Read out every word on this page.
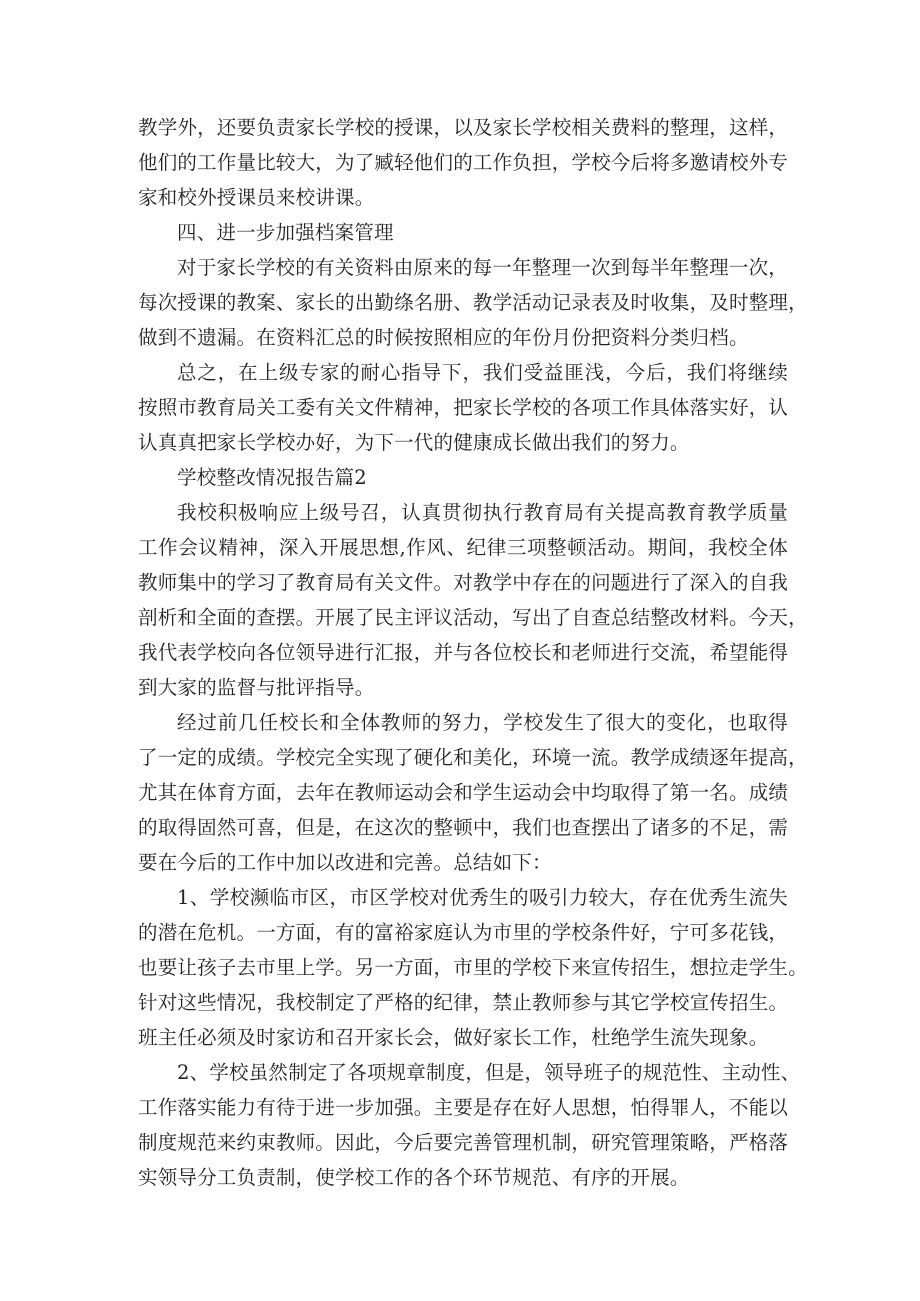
教学外，还要负责家长学校的授课，以及家长学校相关费料的整理，这样，
他们的工作量比较大，为了臧轻他们的工作负担，学校今后将多邀请校外专
家和校外授课员来校讲课。
四、进一步加强档案管理
对于家长学校的有关资料由原来的每一年整理一次到每半年整理一次，
每次授课的教案、家长的出勤绦名册、教学活动记录表及时收集，及时整理，
做到不遗漏。在资料汇总的时候按照相应的年份月份把资料分类归档。
总之，在上级专家的耐心指导下，我们受益匪浅，今后，我们将继续
按照市教育局关工委有关文件精神，把家长学校的各项工作具体落实好，认
认真真把家长学校办好，为下一代的健康成长做出我们的努力。
学校整改情况报告篇2
我校积极响应上级号召，认真贯彻执行教育局有关提高教育教学质量
工作会议精神，深入开展思想,作风、纪律三项整顿活动。期间，我校全体
教师集中的学习了教育局有关文件。对教学中存在的问题进行了深入的自我
剖析和全面的查摆。开展了民主评议活动，写出了自查总结整改材料。今天，
我代表学校向各位领导进行汇报，并与各位校长和老师进行交流，希望能得
到大家的监督与批评指导。
经过前几任校长和全体教师的努力，学校发生了很大的变化，也取得
了一定的成绩。学校完全实现了硬化和美化，环境一流。教学成绩逐年提高，
尤其在体育方面，去年在教师运动会和学生运动会中均取得了第一名。成绩
的取得固然可喜，但是，在这次的整顿中，我们也查摆出了诸多的不足，需
要在今后的工作中加以改进和完善。总结如下：
1、学校濒临市区，市区学校对优秀生的吸引力较大，存在优秀生流失
的潜在危机。一方面，有的富裕家庭认为市里的学校条件好，宁可多花钱，
也要让孩子去市里上学。另一方面，市里的学校下来宣传招生，想拉走学生。
针对这些情况，我校制定了严格的纪律，禁止教师参与其它学校宣传招生。
班主任必须及时家访和召开家长会，做好家长工作，杜绝学生流失现象。
2、学校虽然制定了各项规章制度，但是，领导班子的规范性、主动性、
工作落实能力有待于进一步加强。主要是存在好人思想，怕得罪人，不能以
制度规范来约束教师。因此，今后要完善管理机制，研究管理策略，严格落
实领导分工负责制，使学校工作的各个环节规范、有序的开展。
